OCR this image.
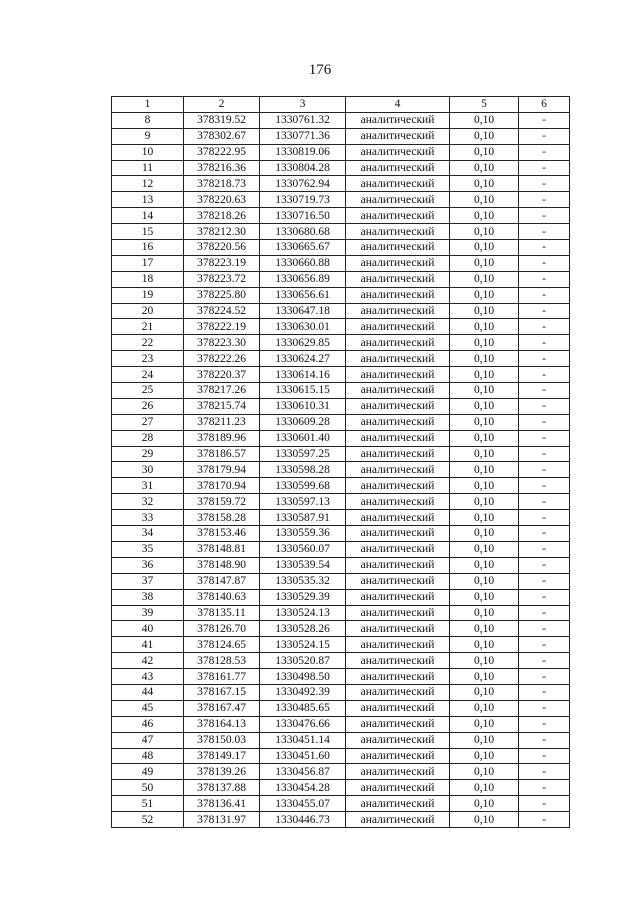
176
1	2	3	4	5	6
8	378319.52	1330761.32	аналитический	0,10	-
9	378302.67	1330771.36	аналитический	0,10	-
10	378222.95	1330819.06	аналитический	0,10	-
11	378216.36	1330804.28	аналитический	0,10	-
12	378218.73	1330762.94	аналитический	0,10	-
13	378220.63	1330719.73	аналитический	0,10	-
14	378218.26	1330716.50	аналитический	0,10	-
15	378212.30	1330680.68	аналитический	0,10	-
16	378220.56	1330665.67	аналитический	0,10	-
17	378223.19	1330660.88	аналитический	0,10	-
18	378223.72	1330656.89	аналитический	0,10	-
19	378225.80	1330656.61	аналитический	0,10	-
20	378224.52	1330647.18	аналитический	0,10	-
21	378222.19	1330630.01	аналитический	0,10	-
22	378223.30	1330629.85	аналитический	0,10	-
23	378222.26	1330624.27	аналитический	0,10	-
24	378220.37	1330614.16	аналитический	0,10	-
25	378217.26	1330615.15	аналитический	0,10	-
26	378215.74	1330610.31	аналитический	0,10	-
27	378211.23	1330609.28	аналитический	0,10	-
28	378189.96	1330601.40	аналитический	0,10	-
29	378186.57	1330597.25	аналитический	0,10	-
30	378179.94	1330598.28	аналитический	0,10	-
31	378170.94	1330599.68	аналитический	0,10	-
32	378159.72	1330597.13	аналитический	0,10	-
33	378158.28	1330587.91	аналитический	0,10	-
34	378153.46	1330559.36	аналитический	0,10	-
35	378148.81	1330560.07	аналитический	0,10	-
36	378148.90	1330539.54	аналитический	0,10	-
37	378147.87	1330535.32	аналитический	0,10	-
38	378140.63	1330529.39	аналитический	0,10	-
39	378135.11	1330524.13	аналитический	0,10	-
40	378126.70	1330528.26	аналитический	0,10	-
41	378124.65	1330524.15	аналитический	0,10	-
42	378128.53	1330520.87	аналитический	0,10	-
43	378161.77	1330498.50	аналитический	0,10	-
44	378167.15	1330492.39	аналитический	0,10	-
45	378167.47	1330485.65	аналитический	0,10	-
46	378164.13	1330476.66	аналитический	0,10	-
47	378150.03	1330451.14	аналитический	0,10	-
48	378149.17	1330451.60	аналитический	0,10	-
49	378139.26	1330456.87	аналитический	0,10	-
50	378137.88	1330454.28	аналитический	0,10	-
51	378136.41	1330455.07	аналитический	0,10	-
52	378131.97	1330446.73	аналитический	0,10	-
